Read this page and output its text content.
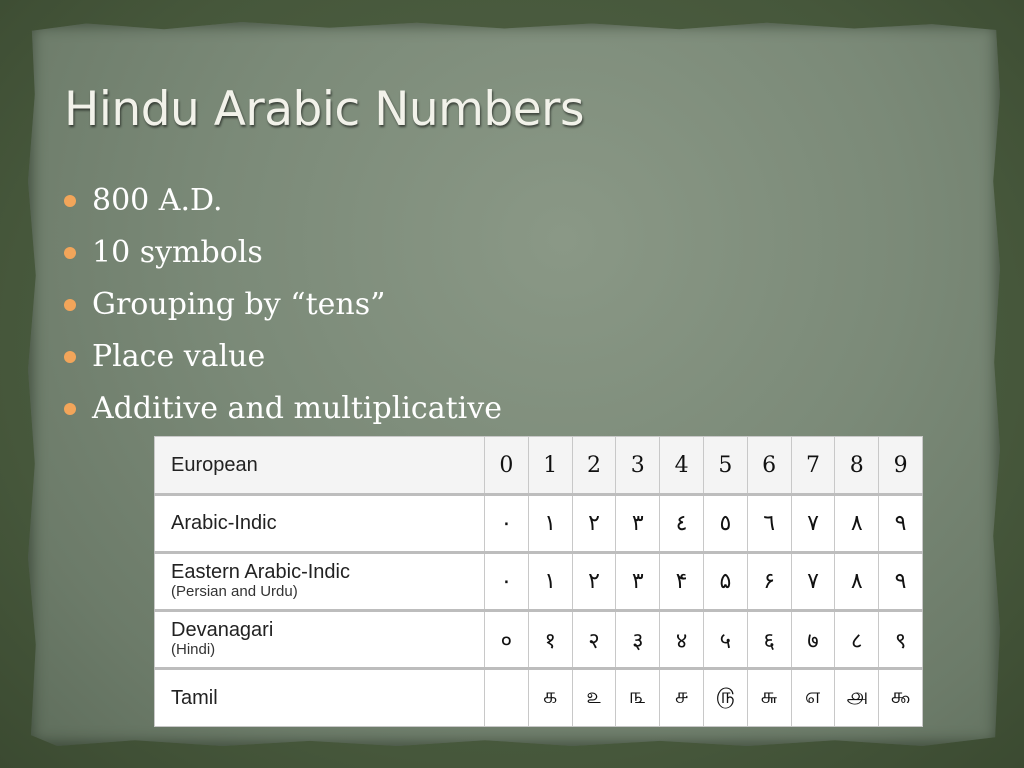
Hindu Arabic Numbers
800 A.D.
10 symbols
Grouping by “tens”
Place value
Additive and multiplicative
European	0	1	2	3	4	5	6	7	8	9
Arabic-Indic	٠	١	٢	٣	٤	٥	٦	٧	٨	٩
Eastern Arabic-Indic
(Persian and Urdu)	۰	۱	۲	۳	۴	۵	۶	۷	۸	۹
Devanagari
(Hindi)	०	१	२	३	४	५	६	७	८	९
Tamil		௧	௨	௩	௪	௫	௬	௭	௮	௯
